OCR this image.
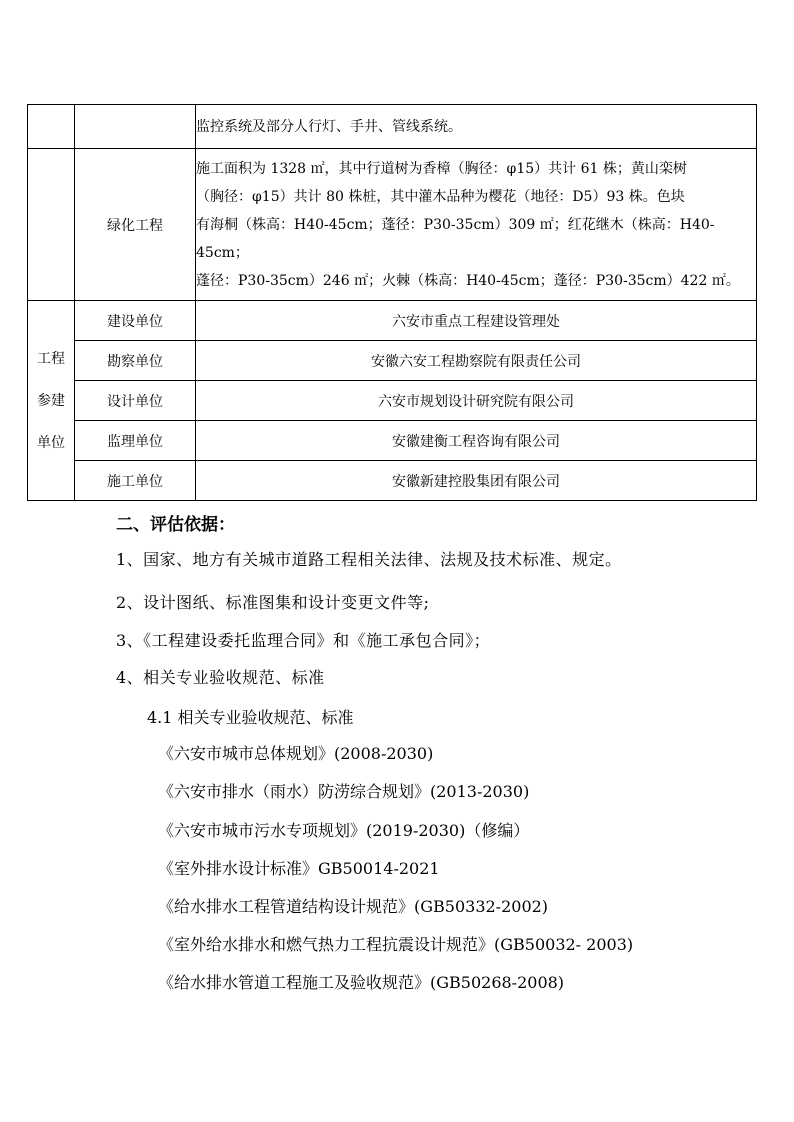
		监控系统及部分人行灯、手井、管线系统。
	绿化工程	施工面积为 1328 ㎡，其中行道树为香樟（胸径：φ15）共计 61 株；黄山栾树
（胸径：φ15）共计 80 株桩，其中灌木品种为樱花（地径：D5）93 株。色块
有海桐（株高：H40-45cm；蓬径：P30-35cm）309 ㎡；红花继木（株高：H40-45cm；
蓬径：P30-35cm）246 ㎡；火棘（株高：H40-45cm；蓬径：P30-35cm）422 ㎡。

工程
参建
单位	建设单位	六安市重点工程建设管理处
	勘察单位	安徽六安工程勘察院有限责任公司
	设计单位	六安市规划设计研究院有限公司
	监理单位	安徽建衡工程咨询有限公司
	施工单位	安徽新建控股集团有限公司
二、评估依据：
1、国家、地方有关城市道路工程相关法律、法规及技术标准、规定。
2、设计图纸、标准图集和设计变更文件等;
3、《工程建设委托监理合同》和《施工承包合同》；
4、相关专业验收规范、标准
4.1 相关专业验收规范、标准
《六安市城市总体规划》(2008-2030)
《六安市排水（雨水）防涝综合规划》(2013-2030)
《六安市城市污水专项规划》(2019-2030)（修编）
《室外排水设计标准》GB50014-2021
《给水排水工程管道结构设计规范》(GB50332-2002)
《室外给水排水和燃气热力工程抗震设计规范》(GB50032- 2003)
《给水排水管道工程施工及验收规范》(GB50268-2008)
